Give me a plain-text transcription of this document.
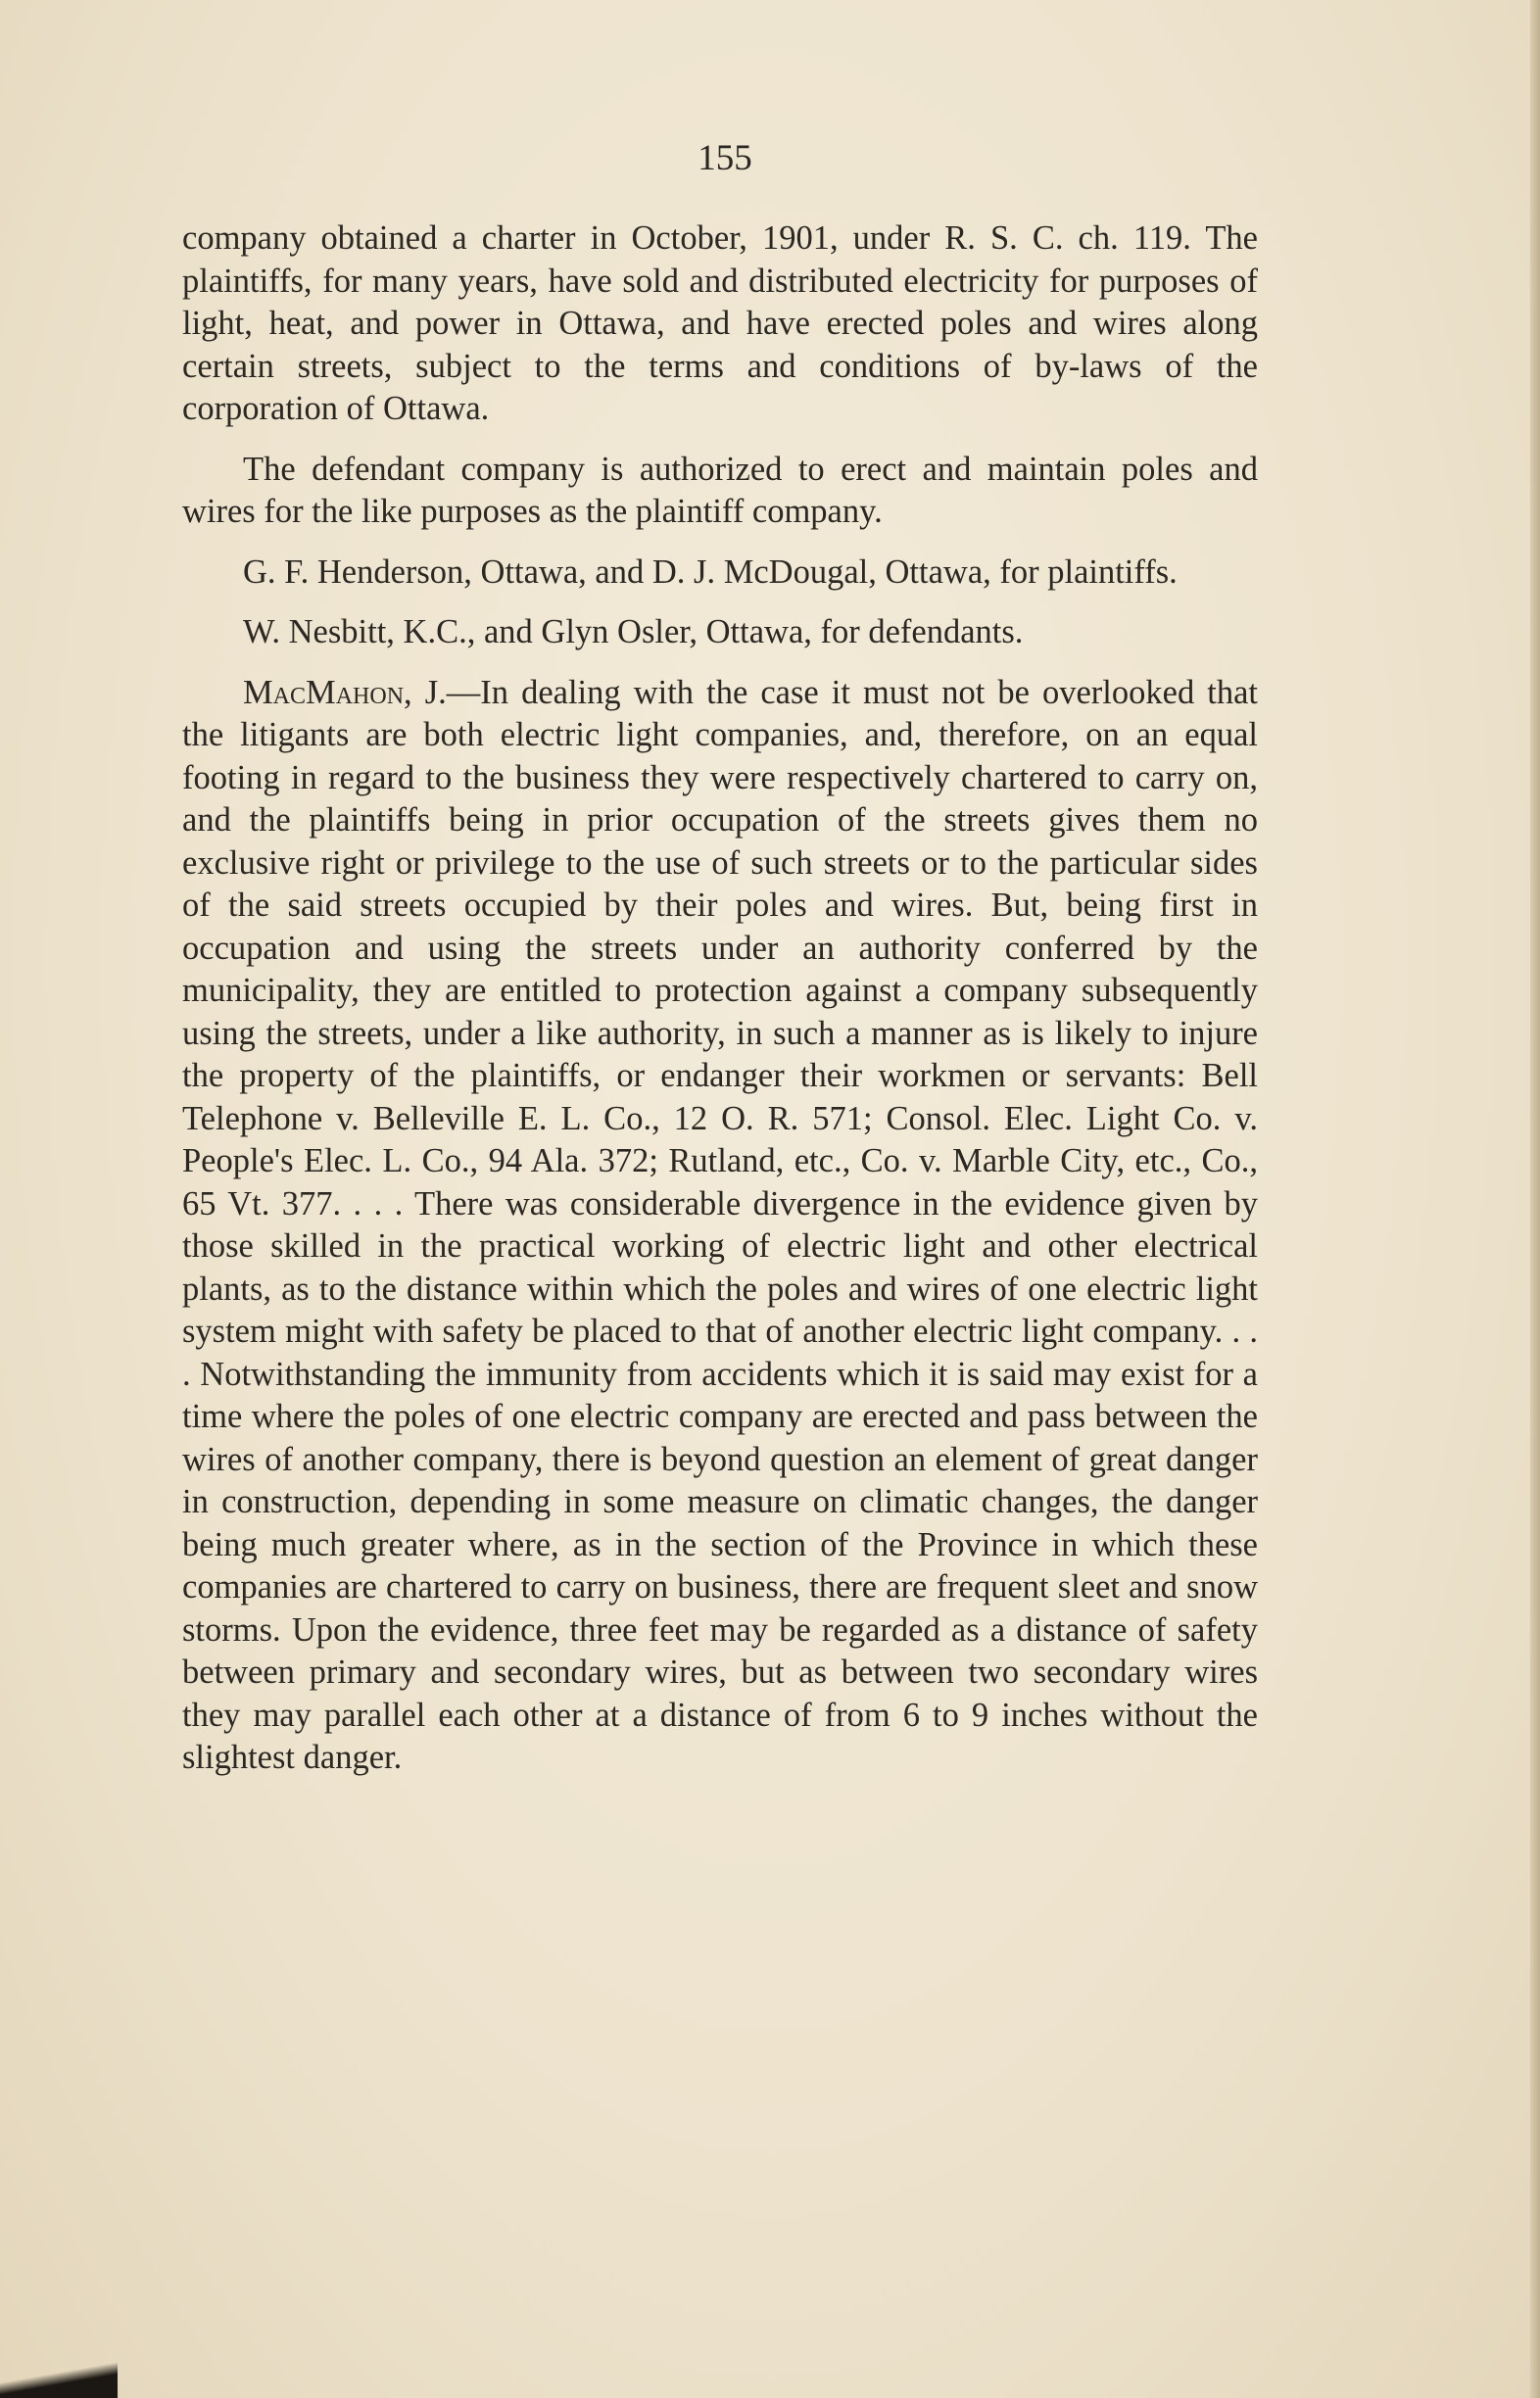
155

company obtained a charter in October, 1901, under R. S. C. ch. 119. The plaintiffs, for many years, have sold and distributed electricity for purposes of light, heat, and power in Ottawa, and have erected poles and wires along certain streets, subject to the terms and conditions of by-laws of the corporation of Ottawa.

The defendant company is authorized to erect and maintain poles and wires for the like purposes as the plaintiff company.

G. F. Henderson, Ottawa, and D. J. McDougal, Ottawa, for plaintiffs.

W. Nesbitt, K.C., and Glyn Osler, Ottawa, for defendants.

MacMahon, J.—In dealing with the case it must not be overlooked that the litigants are both electric light companies, and, therefore, on an equal footing in regard to the business they were respectively chartered to carry on, and the plaintiffs being in prior occupation of the streets gives them no exclusive right or privilege to the use of such streets or to the particular sides of the said streets occupied by their poles and wires. But, being first in occupation and using the streets under an authority conferred by the municipality, they are entitled to protection against a company subsequently using the streets, under a like authority, in such a manner as is likely to injure the property of the plaintiffs, or endanger their workmen or servants: Bell Telephone v. Belleville E. L. Co., 12 O. R. 571; Consol. Elec. Light Co. v. People's Elec. L. Co., 94 Ala. 372; Rutland, etc., Co. v. Marble City, etc., Co., 65 Vt. 377. . . . There was considerable divergence in the evidence given by those skilled in the practical working of electric light and other electrical plants, as to the distance within which the poles and wires of one electric light system might with safety be placed to that of another electric light company. . . . Notwithstanding the immunity from accidents which it is said may exist for a time where the poles of one electric company are erected and pass between the wires of another company, there is beyond question an element of great danger in construction, depending in some measure on climatic changes, the danger being much greater where, as in the section of the Province in which these companies are chartered to carry on business, there are frequent sleet and snow storms. Upon the evidence, three feet may be regarded as a distance of safety between primary and secondary wires, but as between two secondary wires they may parallel each other at a distance of from 6 to 9 inches without the slightest danger.
